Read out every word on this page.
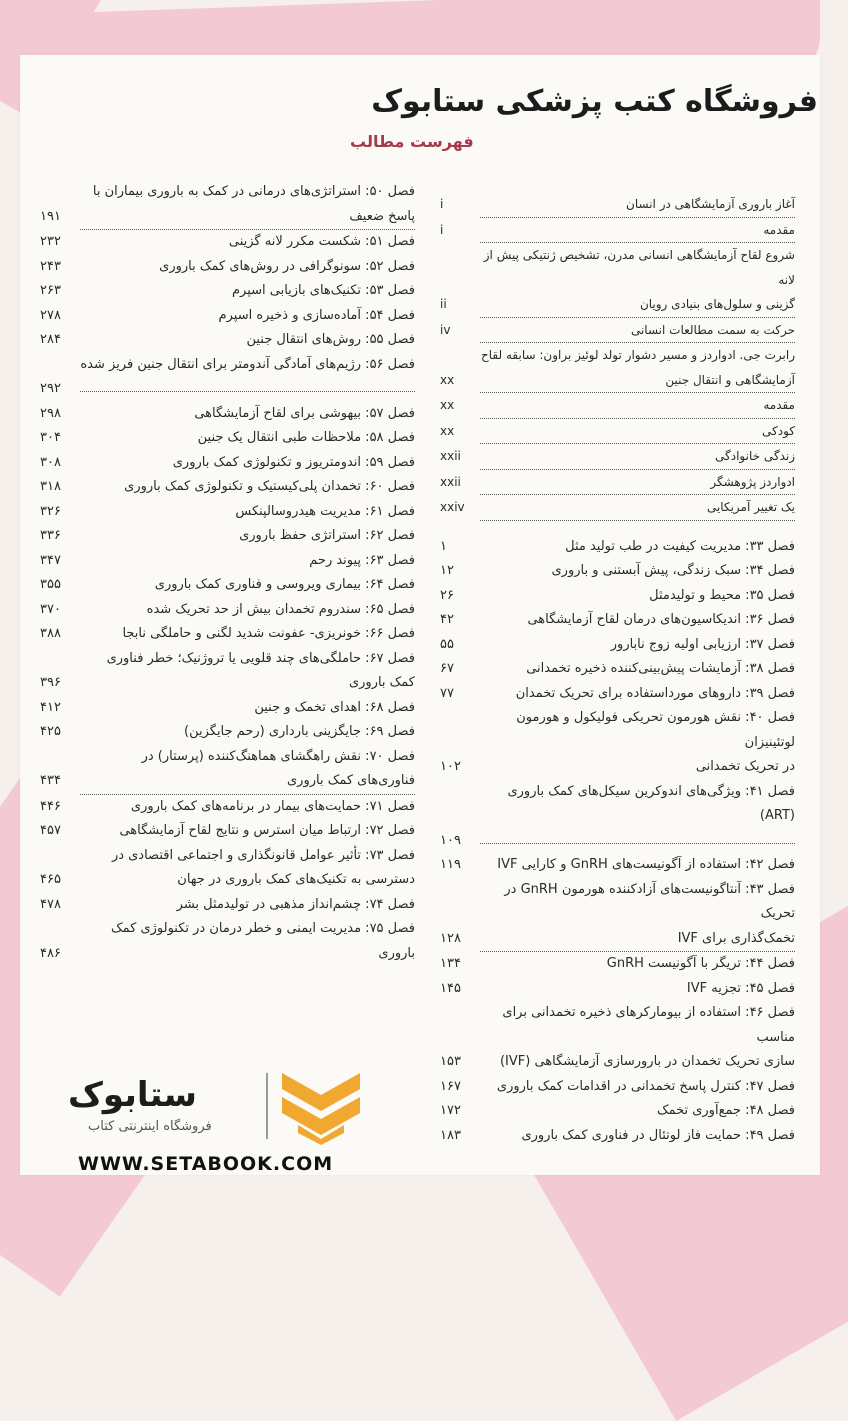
فروشگاه کتب پزشکی ستابوک
فهرست مطالب
آغاز باروری آزمایشگاهی در انسان
i
مقدمه
i
شروع لقاح آزمایشگاهی انسانی مدرن، تشخیص ژنتیکی پیش از لانه
گزینی و سلول‌های بنیادی رویان
ii
حرکت به سمت مطالعات انسانی
iv
رابرت جی. ادواردز و مسیر دشوار تولد لوئیز براون: سابقه لقاح
آزمایشگاهی و انتقال جنین
xx
مقدمه
xx
کودکی
xx
زندگی خانوادگی
xxii
ادواردز پژوهشگر
xxii
یک تغییر آمریکایی
xxiv
فصل ۳۳: مدیریت کیفیت در طب تولید مثل
۱
فصل ۳۴: سبک زندگی، پیش آبستنی و باروری
۱۲
فصل ۳۵: محیط و تولیدمثل
۲۶
فصل ۳۶: اندیکاسیون‌های درمان لقاح آزمایشگاهی
۴۲
فصل ۳۷: ارزیابی اولیه زوج نابارور
۵۵
فصل ۳۸: آزمایشات پیش‌بینی‌کننده ذخیره تخمدانی
۶۷
فصل ۳۹: داروهای مورداستفاده برای تحریک تخمدان
۷۷
فصل ۴۰: نقش هورمون تحریکی فولیکول و هورمون لوتئینیزان
در تحریک تخمدانی
۱۰۲
فصل ۴۱: ویژگی‌های اندوکرین سیکل‌های کمک باروری (ART)
۱۰۹
فصل ۴۲: استفاده از آگونیست‌های GnRH و کارایی IVF
۱۱۹
فصل ۴۳: آنتاگونیست‌های آزادکننده هورمون GnRH در تحریک
تخمک‌گذاری برای IVF
۱۲۸
فصل ۴۴: تریگر با آگونیست GnRH
۱۳۴
فصل ۴۵: تجزیه IVF
۱۴۵
فصل ۴۶: استفاده از بیومارکرهای ذخیره تخمدانی برای مناسب
سازی تحریک تخمدان در بارورسازی آزمایشگاهی (IVF)
۱۵۳
فصل ۴۷: کنترل پاسخ تخمدانی در اقدامات کمک باروری
۱۶۷
فصل ۴۸: جمع‌آوری تخمک
۱۷۲
فصل ۴۹: حمایت فاز لوتئال در فناوری کمک باروری
۱۸۳
فصل ۵۰: استراتژی‌های درمانی در کمک به باروری بیماران با
پاسخ ضعیف
۱۹۱
فصل ۵۱: شکست مکرر لانه گزینی
۲۳۲
فصل ۵۲: سونوگرافی در روش‌های کمک باروری
۲۴۳
فصل ۵۳: تکنیک‌های بازیابی اسپرم
۲۶۳
فصل ۵۴: آماده‌سازی و ذخیره اسپرم
۲۷۸
فصل ۵۵: روش‌های انتقال جنین
۲۸۴
فصل ۵۶: رژیم‌های آمادگی آندومتر برای انتقال جنین فریز شده
۲۹۲
فصل ۵۷: بیهوشی برای لقاح آزمایشگاهی
۲۹۸
فصل ۵۸: ملاحظات طبی انتقال یک جنین
۳۰۴
فصل ۵۹: اندومتریوز و تکنولوژی کمک باروری
۳۰۸
فصل ۶۰: تخمدان پلی‌کیستیک و تکنولوژی کمک باروری
۳۱۸
فصل ۶۱: مدیریت هیدروسالپنکس
۳۲۶
فصل ۶۲: استراتژی حفظ باروری
۳۳۶
فصل ۶۳: پیوند رحم
۳۴۷
فصل ۶۴: بیماری ویروسی و فناوری کمک باروری
۳۵۵
فصل ۶۵: سندروم تخمدان بیش از حد تحریک شده
۳۷۰
فصل ۶۶: خونریزی- عفونت شدید لگنی و حاملگی نابجا
۳۸۸
فصل ۶۷: حاملگی‌های چند قلویی یا تروژنیک؛ خطر فناوری
کمک باروری
۳۹۶
فصل ۶۸: اهدای تخمک و جنین
۴۱۲
فصل ۶۹: جایگزینی بارداری (رحم جایگزین)
۴۲۵
فصل ۷۰: نقش راهگشای هماهنگ‌کننده (پرستار) در
فناوری‌های کمک باروری
۴۳۴
فصل ۷۱: حمایت‌های بیمار در برنامه‌های کمک باروری
۴۴۶
فصل ۷۲: ارتباط میان استرس و نتایج لقاح آزمایشگاهی
۴۵۷
فصل ۷۳: تأثیر عوامل قانونگذاری و اجتماعی اقتصادی در
دسترسی به تکنیک‌های کمک باروری در جهان
۴۶۵
فصل ۷۴: چشم‌انداز مذهبی در تولیدمثل بشر
۴۷۸
فصل ۷۵: مدیریت ایمنی و خطر درمان در تکنولوژی کمک
باروری
۴۸۶
ستابوک
فروشگاه اینترنتی کتاب
WWW.SETABOOK.COM
